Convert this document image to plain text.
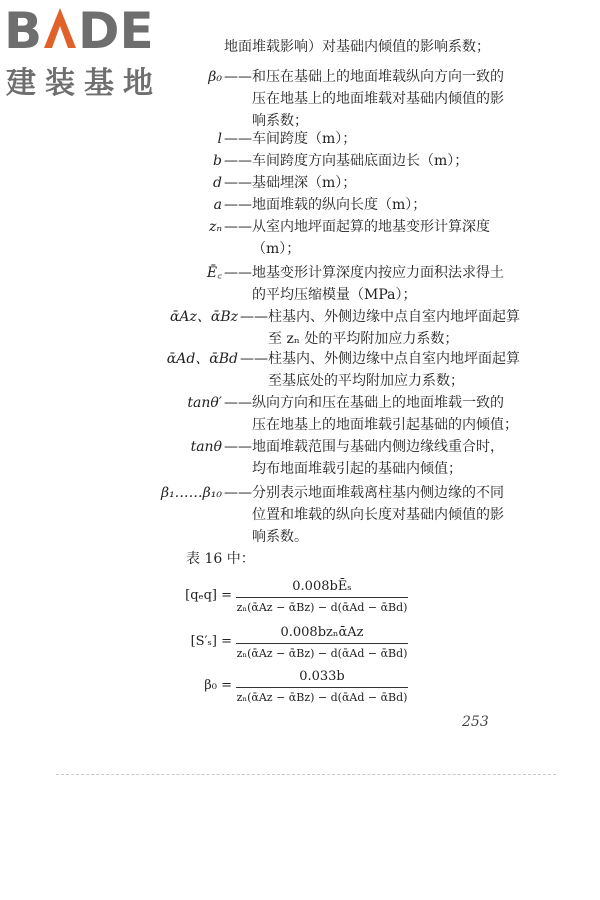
B DE
建装基地
地面堆载影响）对基础内倾值的影响系数；
β₀ ——和压在基础上的地面堆载纵向方向一致的
压在地基上的地面堆载对基础内倾值的影
响系数；
l ——车间跨度（m）；
b ——车间跨度方向基础底面边长（m）；
d ——基础埋深（m）；
a ——地面堆载的纵向长度（m）；
zₙ ——从室内地坪面起算的地基变形计算深度
（m）；
Ē꜀ ——地基变形计算深度内按应力面积法求得土
的平均压缩模量（MPa）；
ᾱAz、ᾱBz ——柱基内、外侧边缘中点自室内地坪面起算
至 zₙ 处的平均附加应力系数；
ᾱAd、ᾱBd ——柱基内、外侧边缘中点自室内地坪面起算
至基底处的平均附加应力系数；
tanθ′ ——纵向方向和压在基础上的地面堆载一致的
压在地基上的地面堆载引起基础的内倾值；
tanθ ——地面堆载范围与基础内侧边缘线重合时，
均布地面堆载引起的基础内倾值；
β₁……β₁₀ ——分别表示地面堆载离柱基内侧边缘的不同
位置和堆载的纵向长度对基础内倾值的影
响系数。
表 16 中：
[qₑq] =
0.008bĒₛ
zₙ(ᾱAz − ᾱBz) − d(ᾱAd − ᾱBd)
[S′ₛ] =
0.008bzₙᾱAz
zₙ(ᾱAz − ᾱBz) − d(ᾱAd − ᾱBd)
β₀ =
0.033b
zₙ(ᾱAz − ᾱBz) − d(ᾱAd − ᾱBd)
253
